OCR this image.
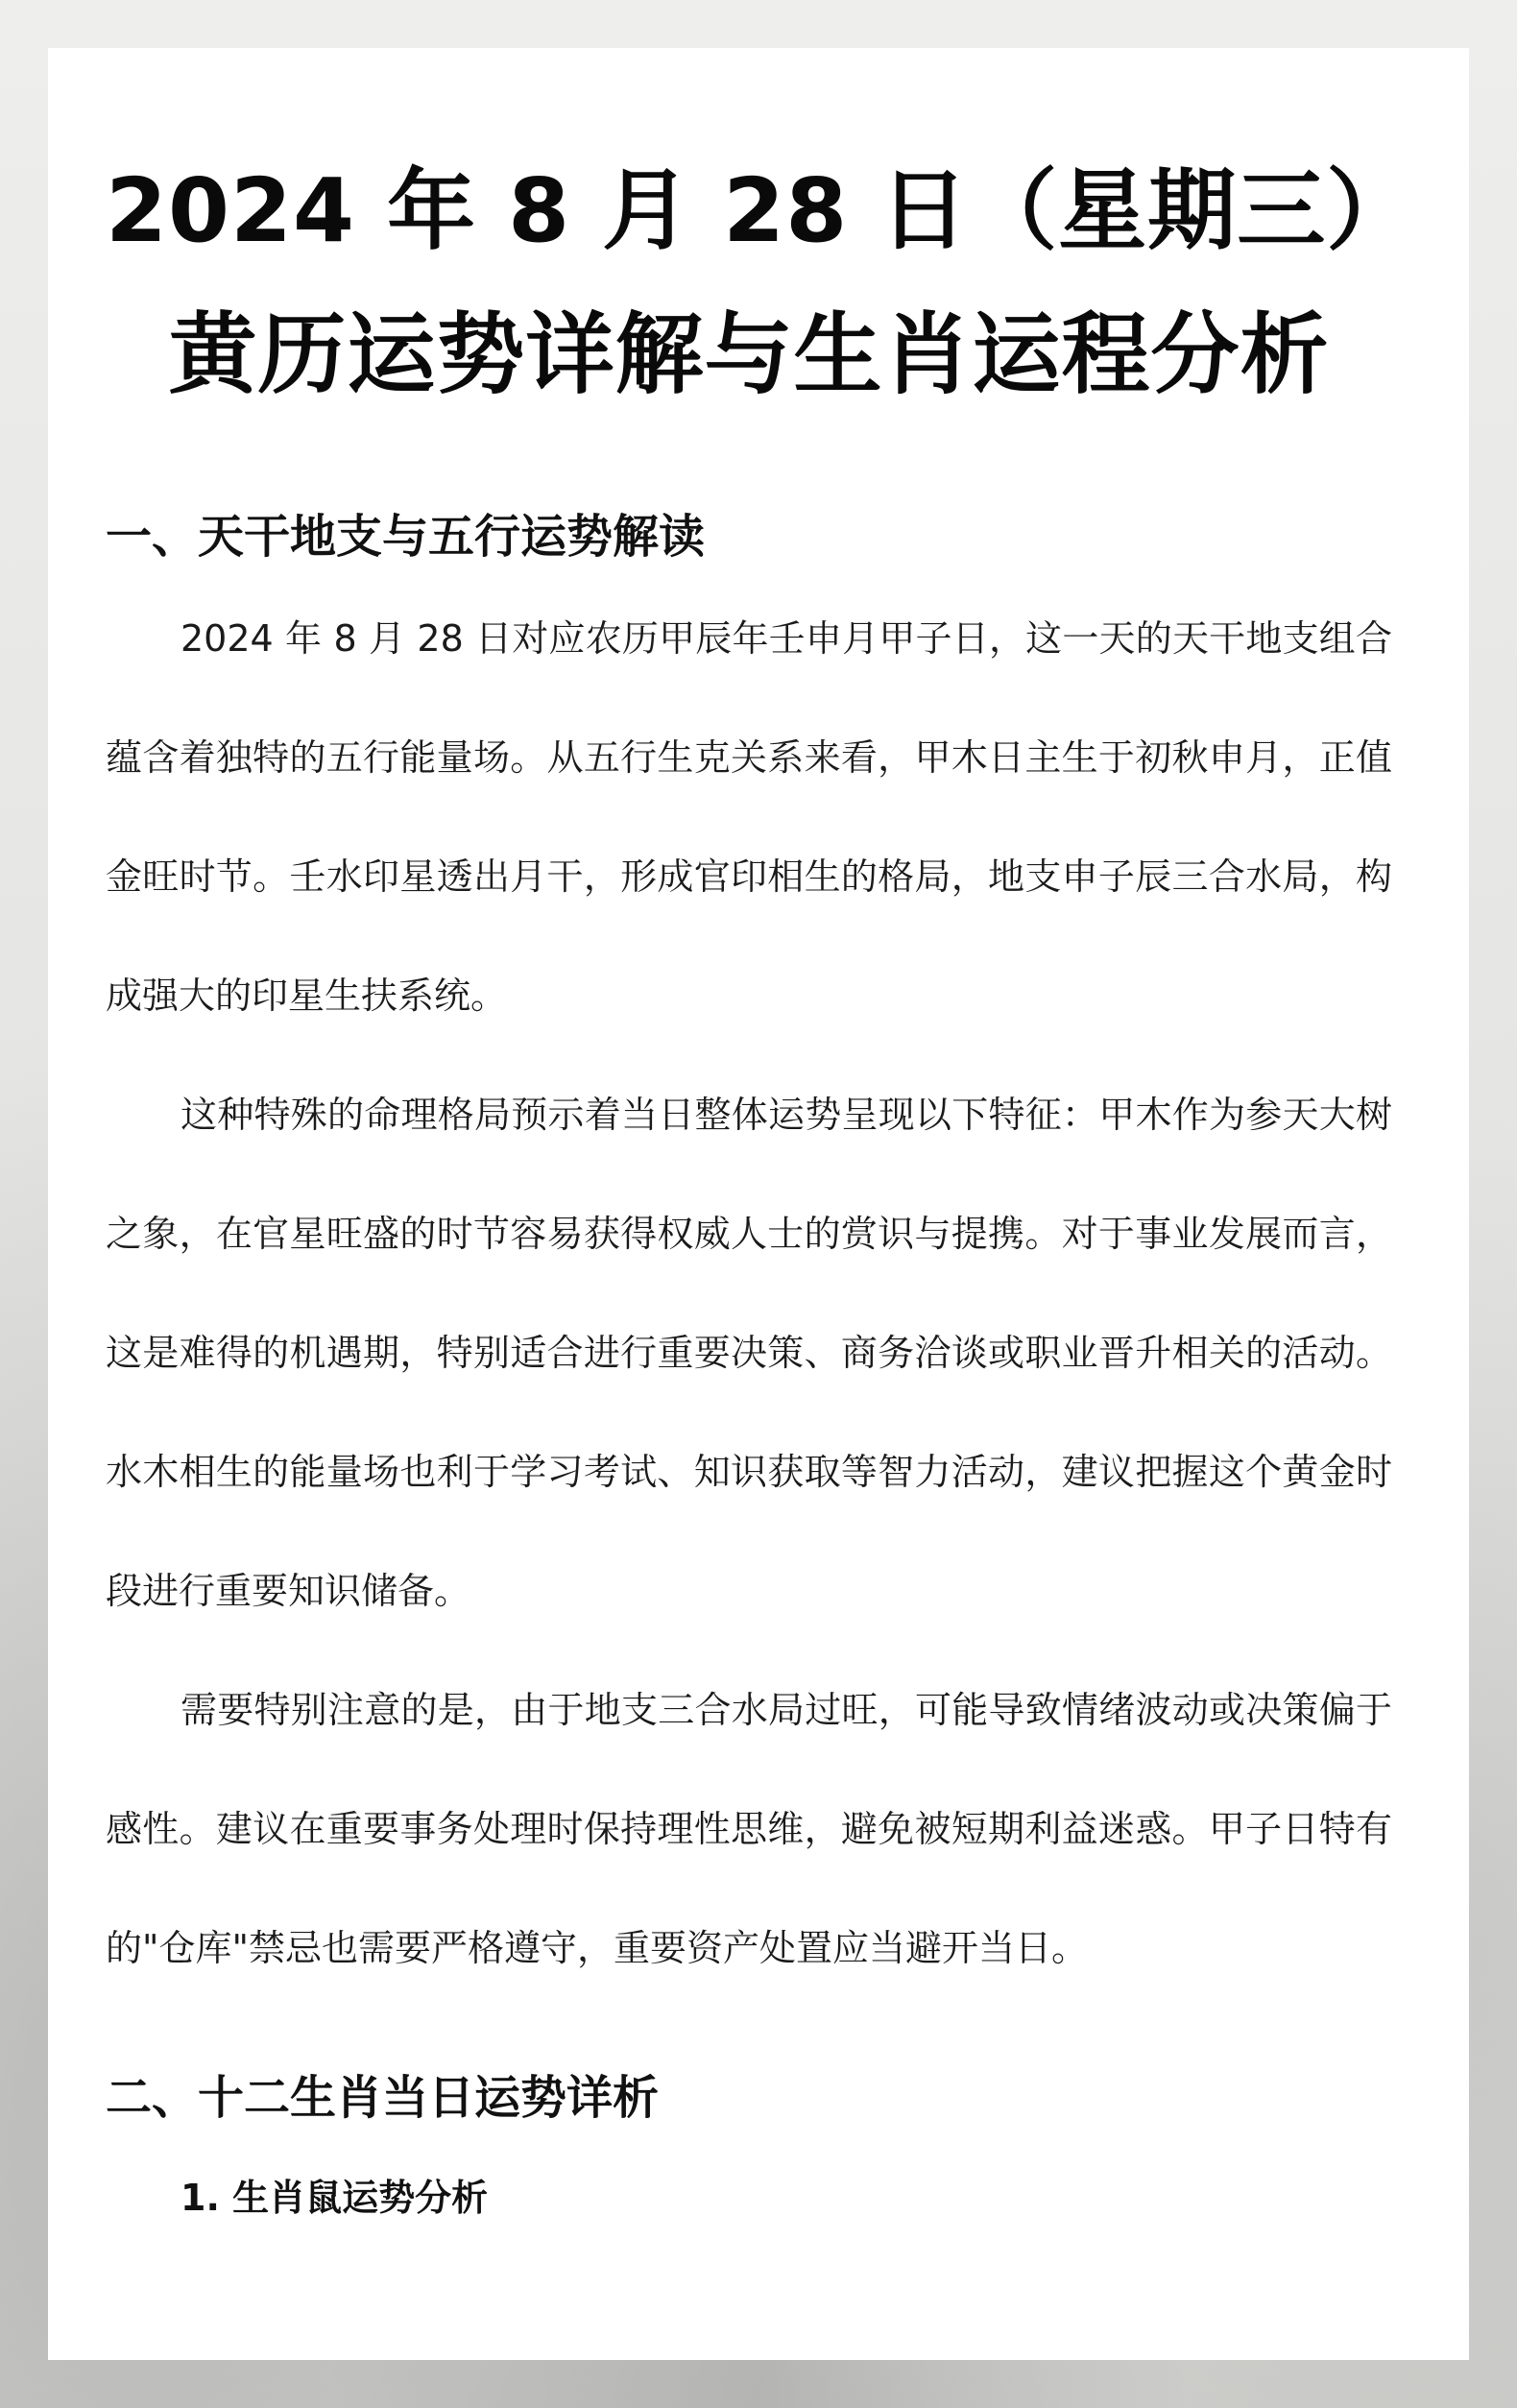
2024 年 8 月 28 日（星期三）
黄历运势详解与生肖运程分析
一、天干地支与五行运势解读

2024 年 8 月 28 日对应农历甲辰年壬申月甲子日，这一天的天干地支组合蕴含着独特的五行能量场。从五行生克关系来看，甲木日主生于初秋申月，正值金旺时节。壬水印星透出月干，形成官印相生的格局，地支申子辰三合水局，构成强大的印星生扶系统。

这种特殊的命理格局预示着当日整体运势呈现以下特征：甲木作为参天大树之象，在官星旺盛的时节容易获得权威人士的赏识与提携。对于事业发展而言，这是难得的机遇期，特别适合进行重要决策、商务洽谈或职业晋升相关的活动。水木相生的能量场也利于学习考试、知识获取等智力活动，建议把握这个黄金时段进行重要知识储备。

需要特别注意的是，由于地支三合水局过旺，可能导致情绪波动或决策偏于感性。建议在重要事务处理时保持理性思维，避免被短期利益迷惑。甲子日特有的"仓库"禁忌也需要严格遵守，重要资产处置应当避开当日。

二、十二生肖当日运势详析
1. 生肖鼠运势分析
